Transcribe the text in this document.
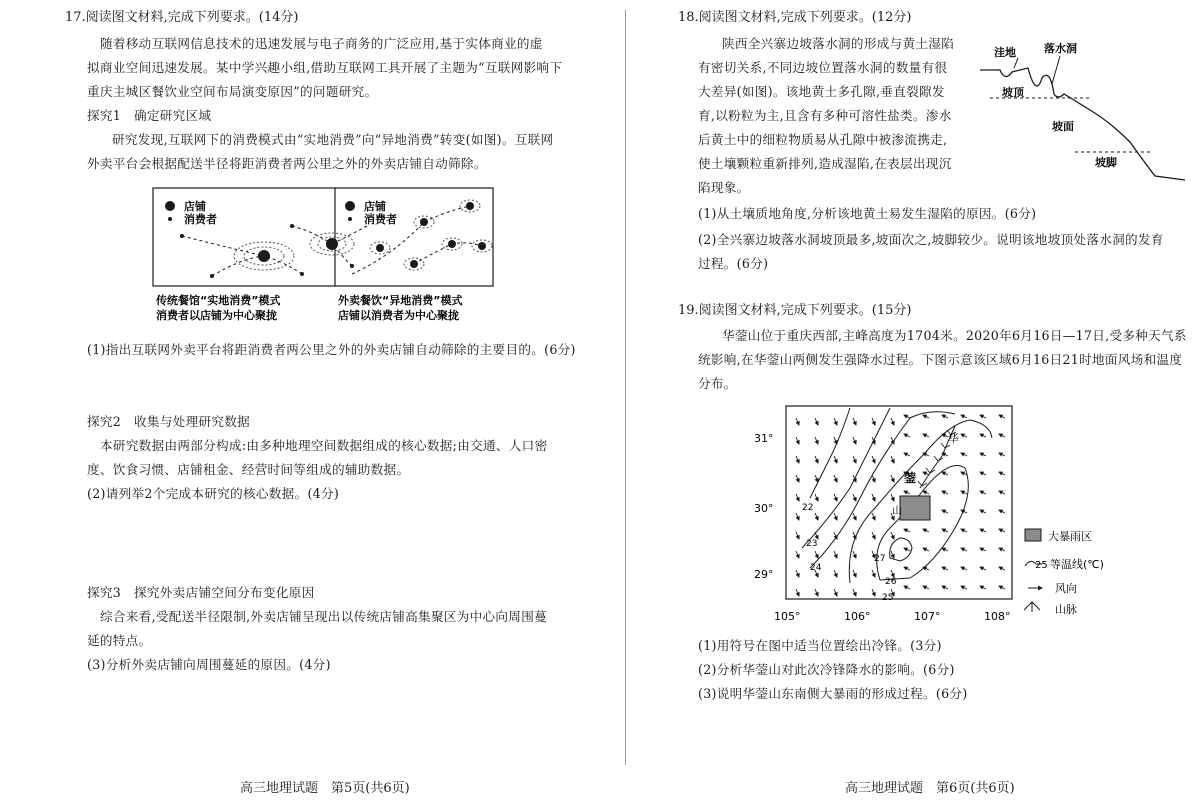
17.阅读图文材料,完成下列要求。(14分)
随着移动互联网信息技术的迅速发展与电子商务的广泛应用,基于实体商业的虚
拟商业空间迅速发展。某中学兴趣小组,借助互联网工具开展了主题为“互联网影响下
重庆主城区餐饮业空间布局演变原因”的问题研究。
探究1　确定研究区域
研究发现,互联网下的消费模式由“实地消费”向“异地消费”转变(如图)。互联网
外卖平台会根据配送半径将距消费者两公里之外的外卖店铺自动筛除。
店铺
消费者
店铺
消费者
传统餐馆“实地消费”模式
消费者以店铺为中心聚拢
外卖餐饮“异地消费”模式
店铺以消费者为中心聚拢
(1)指出互联网外卖平台将距消费者两公里之外的外卖店铺自动筛除的主要目的。(6分)
探究2　收集与处理研究数据
本研究数据由两部分构成:由多种地理空间数据组成的核心数据;由交通、人口密
度、饮食习惯、店铺租金、经营时间等组成的辅助数据。
(2)请列举2个完成本研究的核心数据。(4分)
探究3　探究外卖店铺空间分布变化原因
综合来看,受配送半径限制,外卖店铺呈现出以传统店铺高集聚区为中心向周围蔓
延的特点。
(3)分析外卖店铺向周围蔓延的原因。(4分)
高三地理试题　第5页(共6页)
18.阅读图文材料,完成下列要求。(12分)
陕西全兴寨边坡落水洞的形成与黄土湿陷
有密切关系,不同边坡位置落水洞的数量有很
大差异(如图)。该地黄土多孔隙,垂直裂隙发
育,以粉粒为主,且含有多种可溶性盐类。渗水
后黄土中的细粒物质易从孔隙中被渗流携走,
使土壤颗粒重新排列,造成湿陷,在表层出现沉
陷现象。
洼地	落水洞
坡顶
坡面
坡脚
(1)从土壤质地角度,分析该地黄土易发生湿陷的原因。(6分)
(2)全兴寨边坡落水洞坡顶最多,坡面次之,坡脚较少。说明该地坡顶处落水洞的发育
过程。(6分)
19.阅读图文材料,完成下列要求。(15分)
华蓥山位于重庆西部,主峰高度为1704米。2020年6月16日—17日,受多种天气系
统影响,在华蓥山两侧发生强降水过程。下图示意该区域6月16日21时地面风场和温度
分布。
31°
30°
29°
105°	106°	107°	108°
22
23
24
25
26
27
华
蓥
山
大暴雨区
25 等温线(℃)
风向
山脉
(1)用符号在图中适当位置绘出冷锋。(3分)
(2)分析华蓥山对此次冷锋降水的影响。(6分)
(3)说明华蓥山东南侧大暴雨的形成过程。(6分)
高三地理试题　第6页(共6页)
